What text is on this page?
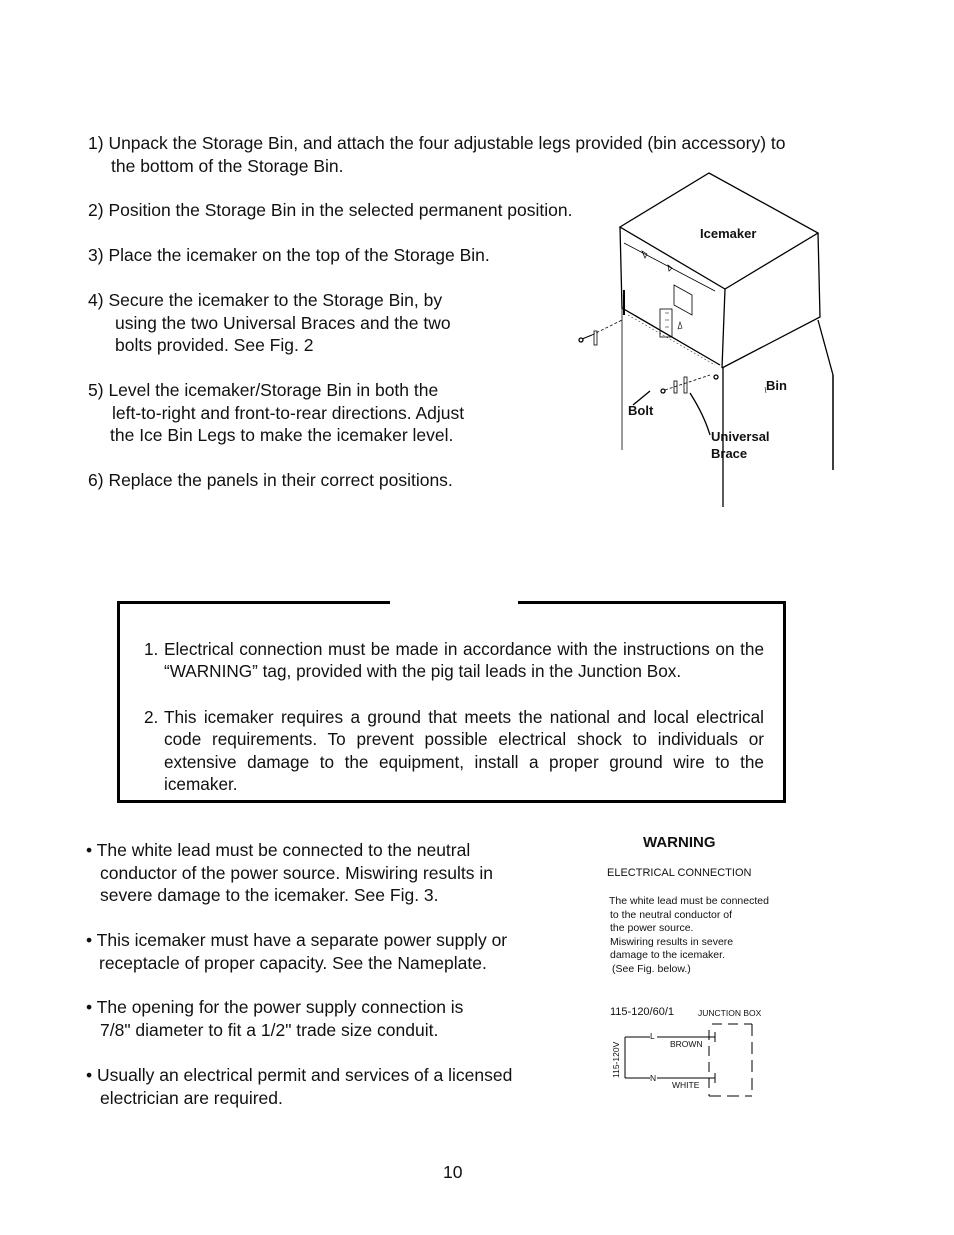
1) Unpack the Storage Bin, and attach the four adjustable legs provided (bin accessory) to
the bottom of the Storage Bin.
2) Position the Storage Bin in the selected permanent position.
3) Place the icemaker on the top of the Storage Bin.
4) Secure the icemaker to the Storage Bin, by
using the two Universal Braces and the two
bolts provided. See Fig. 2
5) Level the icemaker/Storage Bin in both the
left-to-right and front-to-rear directions. Adjust
the Ice Bin Legs to make the icemaker level.
6) Replace the panels in their correct positions.
Icemaker
Bin
Bolt
Universal
Brace
1. Electrical connection must be made in accordance with the instructions on the “WARNING” tag, provided with the pig tail leads in the Junction Box.
2. This icemaker requires a ground that meets the national and local electrical code requirements. To prevent possible electrical shock to individuals or extensive damage to the equipment, install a proper ground wire to the icemaker.
• The white lead must be connected to the neutral
conductor of the power source. Miswiring results in
severe damage to the icemaker. See Fig. 3.
• This icemaker must have a separate power supply or
receptacle of proper capacity. See the Nameplate.
• The opening for the power supply connection is
7/8" diameter to fit a 1/2" trade size conduit.
• Usually an electrical permit and services of a licensed
electrician are required.
WARNING
ELECTRICAL CONNECTION
The white lead must be connected
to the neutral conductor of
the power source.
Miswiring results in severe
damage to the icemaker.
(See Fig. below.)
115-120/60/1	JUNCTION BOX
115-120V
L
N
BROWN
WHITE
10
